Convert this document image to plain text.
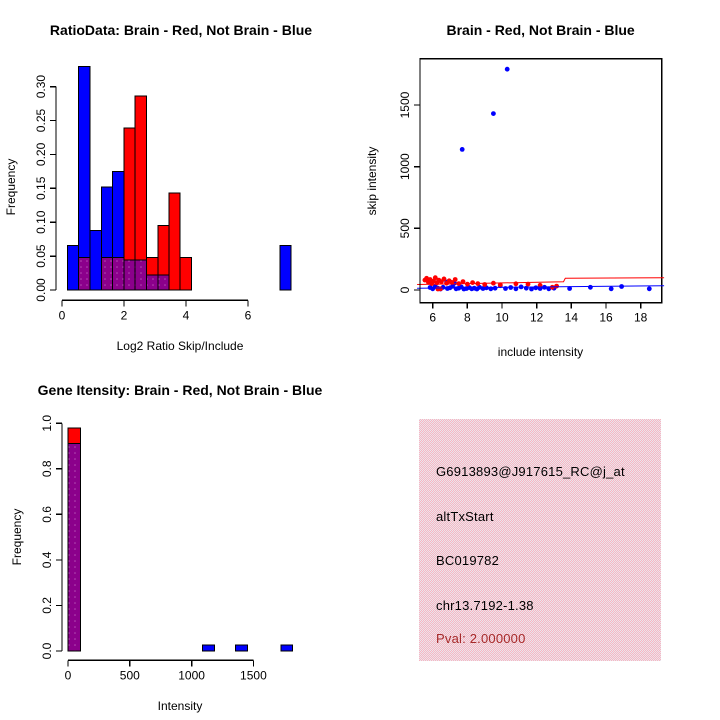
0	2	4	6
0.00
0.05
0.10
0.15
0.20
0.25
0.30
RatioData: Brain - Red, Not Brain - Blue
Log2 Ratio Skip/Include
Frequency
6 8 10 12 14 16 18
0
500
1000
1500
Brain - Red, Not Brain - Blue
include intensity
skip intensity
0	500	1000	1500
0.0
0.2
0.4
0.6
0.8
1.0
Gene Itensity: Brain - Red, Not Brain - Blue
Intensity
Frequency
G6913893@J917615_RC@j_at
altTxStart
BC019782
chr13.7192-1.38
Pval: 2.000000
